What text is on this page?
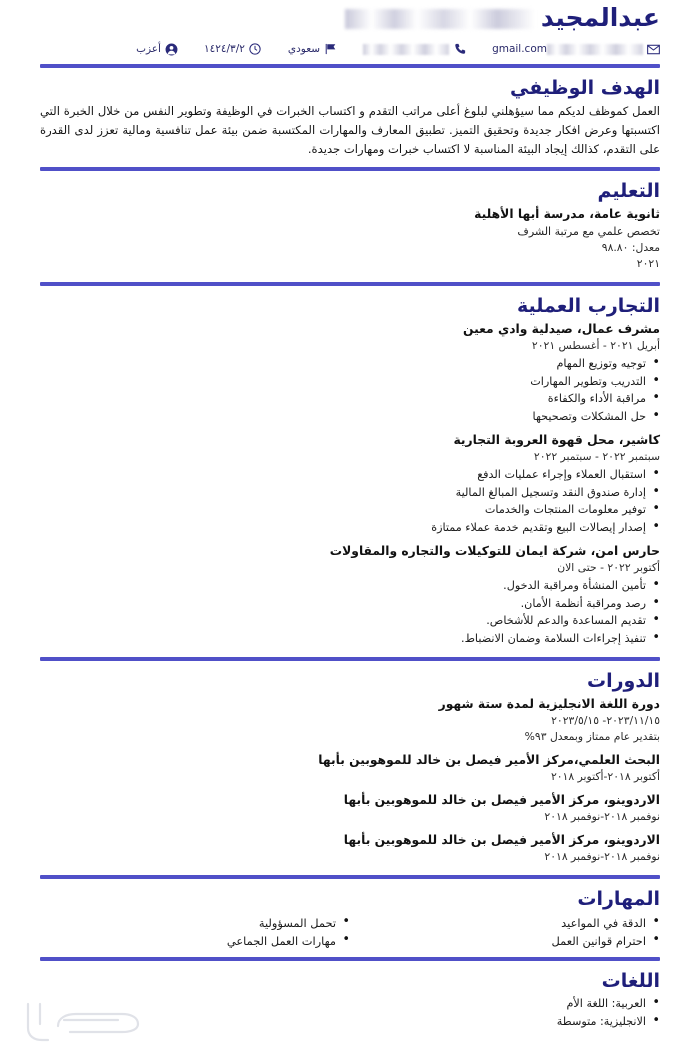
عبدالمجيد
gmail.com
سعودي
١٤٢٤/٣/٢
أعزب
الهدف الوظيفي
العمل كموظف لديكم مما سيؤهلني لبلوغ أعلى مراتب التقدم و اكتساب الخبرات في الوظيفة وتطوير النفس من خلال الخبرة التي اكتسبتها وعرض افكار جديدة وتحقيق التميز. تطبيق المعارف والمهارات المكتسبة ضمن بيئة عمل تنافسية ومالية تعزز لدى القدرة على التقدم، كذالك إيجاد البيئة المناسبة لا اكتساب خبرات ومهارات جديدة.
التعليم
ثانوية عامة، مدرسة أبها الأهلية
تخصص علمي مع مرتبة الشرف
معدل: ٩٨.٨٠
٢٠٢١
التجارب العملية
مشرف عمال، صيدلية وادي معين
أبريل ٢٠٢١ - أغسطس ٢٠٢١
• توجيه وتوزيع المهام
• التدريب وتطوير المهارات
• مراقبة الأداء والكفاءة
• حل المشكلات وتصحيحها
كاشير، محل قهوة العروبة التجارية
سبتمبر ٢٠٢٢ - سبتمبر ٢٠٢٢
• استقبال العملاء وإجراء عمليات الدفع
• إدارة صندوق النقد وتسجيل المبالغ المالية
• توفير معلومات المنتجات والخدمات
• إصدار إيصالات البيع وتقديم خدمة عملاء ممتازة
حارس امن، شركة ايمان للتوكيلات والتجاره والمقاولات
أكتوبر ٢٠٢٢ - حتى الان
• تأمين المنشأة ومراقبة الدخول.
• رصد ومراقبة أنظمة الأمان.
• تقديم المساعدة والدعم للأشخاص.
• تنفيذ إجراءات السلامة وضمان الانضباط.
الدورات
دورة اللغة الانجليزية لمدة ستة شهور
٢٠٢٣/١١/١٥- ٢٠٢٣/٥/١٥
بتقدير عام ممتاز وبمعدل ٩٣%
البحث العلمي،مركز الأمير فيصل بن خالد للموهوبين بأبها
أكتوبر ٢٠١٨-أكتوبر ٢٠١٨
الاردوينو، مركز الأمير فيصل بن خالد للموهوبين بأبها
نوفمبر ٢٠١٨-نوفمبر ٢٠١٨
الاردوينو، مركز الأمير فيصل بن خالد للموهوبين بأبها
نوفمبر ٢٠١٨-نوفمبر ٢٠١٨
المهارات
• الدقة في المواعيد
• احترام قوانين العمل
• تحمل المسؤولية
• مهارات العمل الجماعي
اللغات
• العربية: اللغة الأم
• الانجليزية: متوسطة
